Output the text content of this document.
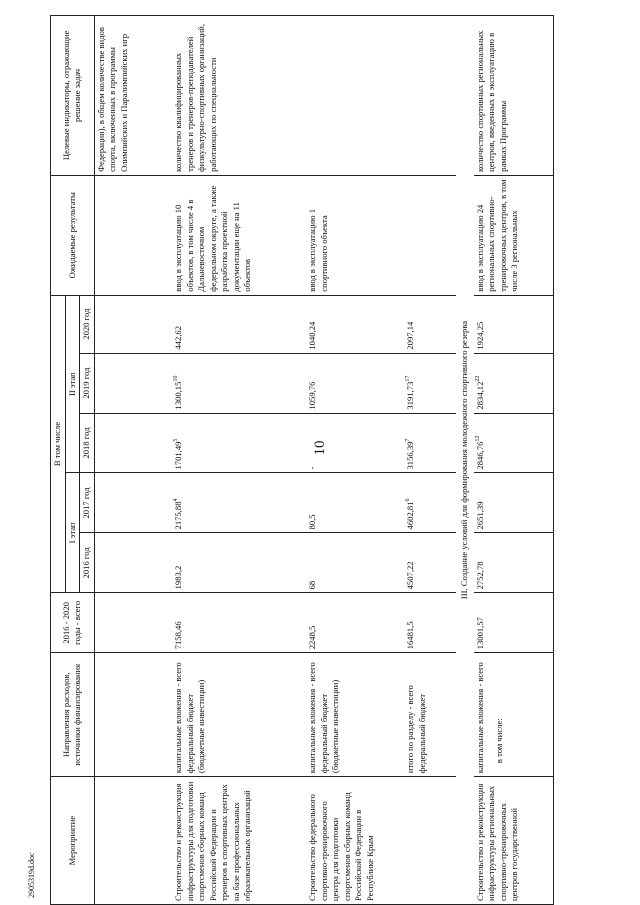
10
Мероприятие	Направления расходов, источники финансирования	2016 - 2020 годы - всего	В том числе					Ожидаемые результаты	Целевые индикаторы, отражающие решение задач
			I этап		II этап				
			2016 год	2017 год	2018 год	2019 год	2020 год		
									Федерации), в общем количестве видов спорта, включенных в программы Олимпийских и Паралимпийских игр
Строительство и реконструкция инфраструктуры для подготовки спортсменов сборных команд Российской Федерации и тренеров в спортивных центрах на базе профессиональных образовательных организаций	капитальные вложения - всего федеральный бюджет (бюджетные инвестиции)	7158,46	1983,2	2175,88$^4$	1701,49$^5$	1300,15$^{16}$	442,62	ввод в эксплуатацию 10 объектов, в том числе 4 в Дальневосточном федеральном округе, а также разработка проектной документации еще на 11 объектов	количество квалифицированных тренеров и тренеров-преподавателей физкультурно-спортивных организаций, работающих по специальности
Строительство федерального спортивно-тренировочного центра для подготовки спортсменов сборных команд Российской Федерации в Республике Крым	капитальные вложения - всего федеральный бюджет (бюджетные инвестиции)	2248,5	68	80,5	-	1059,76	1040,24	ввод в эксплуатацию 1 спортивного объекта	
	итого по разделу - всего федеральный бюджет	16481,5	4507,22	4602,81$^6$	3156,39$^7$	3191,73$^{17}$	2097,14		
III. Создание условий для формирования молодежного спортивного резерва									
Строительство и реконструкция инфраструктуры региональных спортивно-тренировочных центров государственной	капитальные вложения - всего в том числе:	13001,57	2752,78	2651,39	2846,76$^{12}$	2834,12$^{22}$	1924,25	ввод в эксплуатацию 24 региональных спортивно-тренировочных центров, в том числе 3 региональных	количество спортивных региональных центров, введенных в эксплуатацию в рамках Программы
2905319d.doc
